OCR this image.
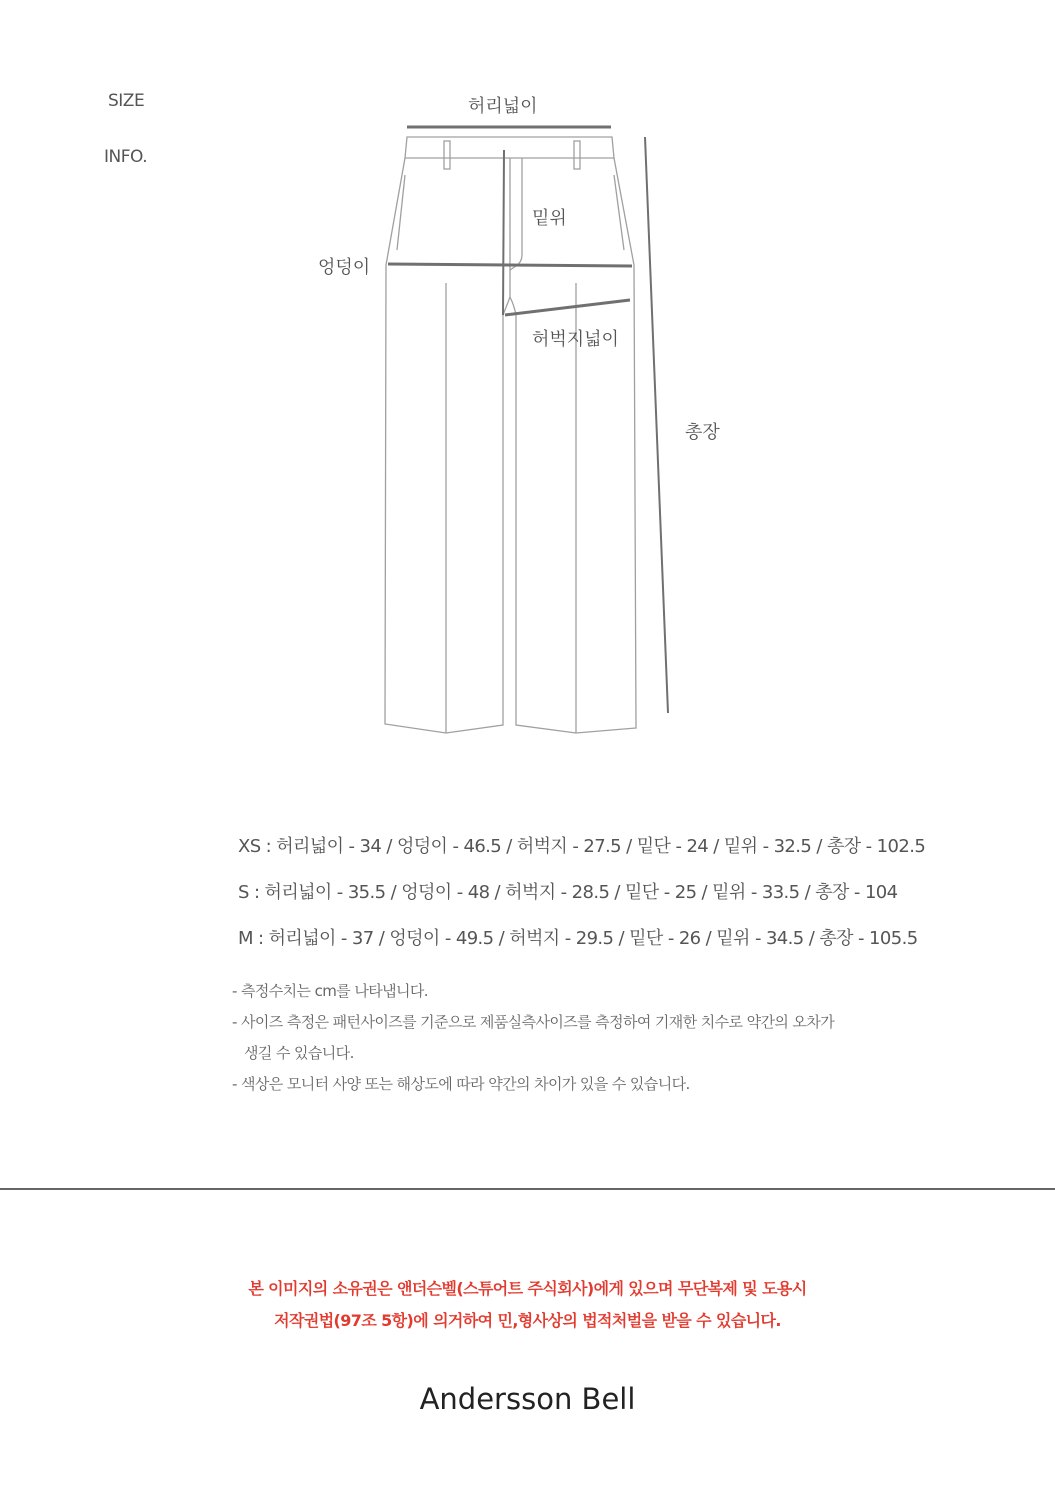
SIZE
INFO.
허리넓이
밑위
엉덩이
허벅지넓이
총장
XS : 허리넓이 - 34 / 엉덩이 - 46.5 / 허벅지 - 27.5 / 밑단 - 24 / 밑위 - 32.5 / 총장 - 102.5
S : 허리넓이 - 35.5 / 엉덩이 - 48 / 허벅지 - 28.5 / 밑단 - 25 / 밑위 - 33.5 / 총장 - 104
M : 허리넓이 - 37 / 엉덩이 - 49.5 / 허벅지 - 29.5 / 밑단 - 26 / 밑위 - 34.5 / 총장 - 105.5
- 측정수치는 cm를 나타냅니다.
- 사이즈 측정은 패턴사이즈를 기준으로 제품실측사이즈를 측정하여 기재한 치수로 약간의 오차가
생길 수 있습니다.
- 색상은 모니터 사양 또는 해상도에 따라 약간의 차이가 있을 수 있습니다.
본 이미지의 소유권은 앤더슨벨(스튜어트 주식회사)에게 있으며 무단복제 및 도용시
저작권법(97조 5항)에 의거하여 민,형사상의 법적처벌을 받을 수 있습니다.
Andersson Bell
